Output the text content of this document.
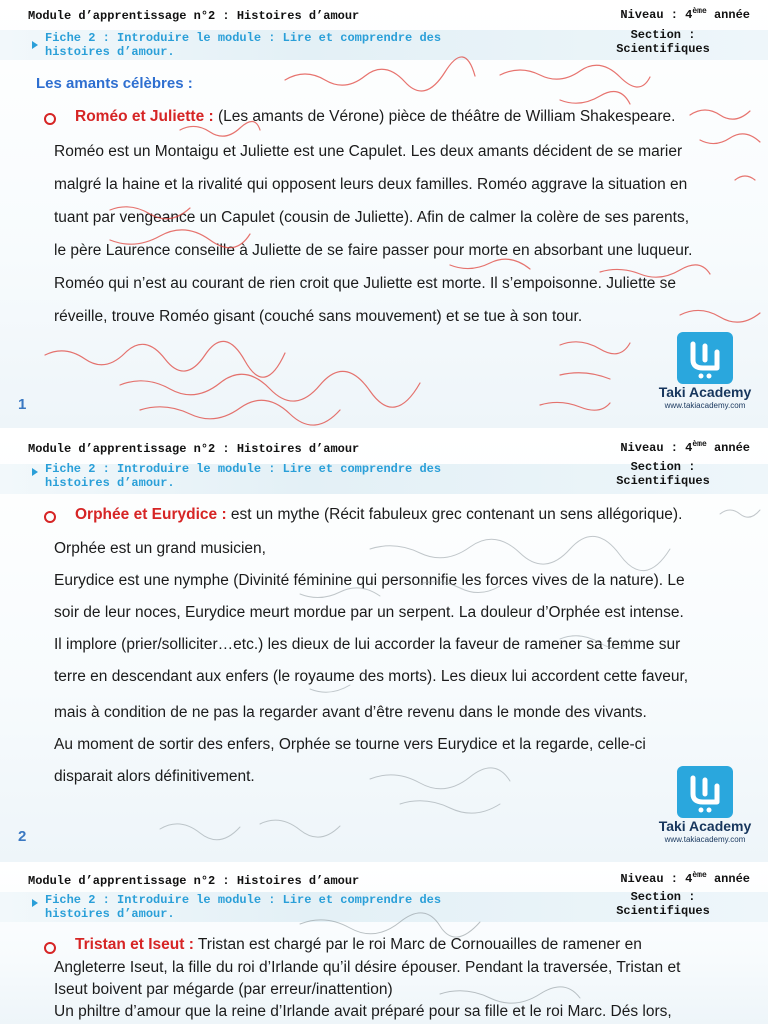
Module d’apprentissage n°2 : Histoires d’amour	Niveau : 4ème année
Fiche 2 : Introduire le module : Lire et comprendre des
histoires d’amour.
Section :
Scientifiques
Les amants célèbres :
Roméo et Juliette : (Les amants de Vérone) pièce de théâtre de William Shakespeare.
Roméo est un Montaigu et Juliette est une Capulet. Les deux amants décident de se marier
malgré la haine et la rivalité qui opposent leurs deux familles. Roméo aggrave la situation en
tuant par vengeance un Capulet (cousin de Juliette). Afin de calmer la colère de ses parents,
le père Laurence conseille à Juliette de se faire passer pour morte en absorbant une luqueur.
Roméo qui n’est au courant de rien croit que Juliette est morte. Il s’empoisonne. Juliette se
réveille, trouve Roméo gisant (couché sans mouvement) et se tue à son tour.
1
Taki Academy
www.takiacademy.com
Module d’apprentissage n°2 : Histoires d’amour	Niveau : 4ème année
Fiche 2 : Introduire le module : Lire et comprendre des
histoires d’amour.
Section :
Scientifiques
Orphée et Eurydice : est un mythe (Récit fabuleux grec contenant un sens allégorique).
Orphée est un grand musicien,
Eurydice est une nymphe (Divinité féminine qui personnifie les forces vives de la nature). Le
soir de leur noces, Eurydice meurt mordue par un serpent. La douleur d’Orphée est intense.
Il implore (prier/solliciter…etc.) les dieux de lui accorder la faveur de ramener sa femme sur
terre en descendant aux enfers (le royaume des morts). Les dieux lui accordent cette faveur,
mais à condition de ne pas la regarder avant d’être revenu dans le monde des vivants.
Au moment de sortir des enfers, Orphée se tourne vers Eurydice et la regarde, celle-ci
disparait alors définitivement.
2
Taki Academy
www.takiacademy.com
Module d’apprentissage n°2 : Histoires d’amour	Niveau : 4ème année
Fiche 2 : Introduire le module : Lire et comprendre des
histoires d’amour.
Section :
Scientifiques
Tristan et Iseut : Tristan est chargé par le roi Marc de Cornouailles de ramener en
Angleterre Iseut, la fille du roi d’Irlande qu’il désire épouser. Pendant la traversée, Tristan et
Iseut boivent par mégarde (par erreur/inattention)
Un philtre d’amour que la reine d’Irlande avait préparé pour sa fille et le roi Marc. Dés lors,
